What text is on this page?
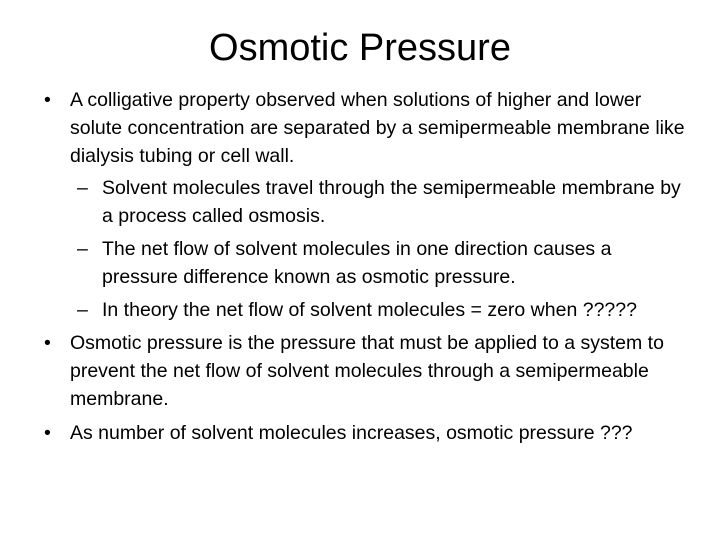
Osmotic Pressure
• A colligative property observed when solutions of higher and lower solute concentration are separated by a semipermeable membrane like dialysis tubing or cell wall.
– Solvent molecules travel through the semipermeable membrane by a process called osmosis.
– The net flow of solvent molecules in one direction causes a pressure difference known as osmotic pressure.
– In theory the net flow of solvent molecules = zero when ?????
• Osmotic pressure is the pressure that must be applied to a system to prevent the net flow of solvent molecules through a semipermeable membrane.
• As number of solvent molecules increases, osmotic pressure ???
